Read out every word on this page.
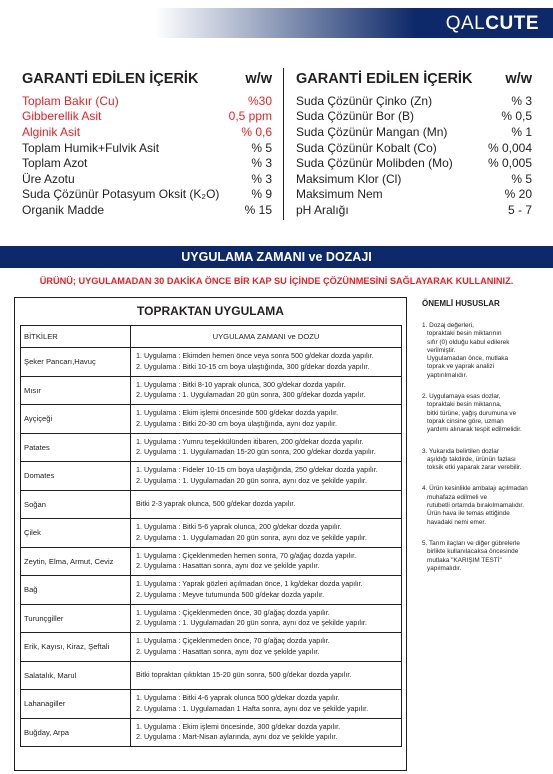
QALCUTE
GARANTİ EDİLEN İÇERİK	w/w
Toplam Bakır (Cu)	%30
Gibberellik Asit	0,5 ppm
Alginik Asit	% 0,6
Toplam Humik+Fulvik Asit	% 5
Toplam Azot	% 3
Üre Azotu	% 3
Suda Çözünür Potasyum Oksit (K₂O)	% 9
Organik Madde	% 15
GARANTİ EDİLEN İÇERİK w/w
Suda Çözünür Çinko (Zn)	% 3
Suda Çözünür Bor (B)	% 0,5
Suda Çözünür Mangan (Mn)	% 1
Suda Çözünür Kobalt (Co)	% 0,004
Suda Çözünür Molibden (Mo)	% 0,005
Maksimum Klor (Cl)	% 5
Maksimum Nem	% 20
pH Aralığı	5 - 7
UYGULAMA ZAMANI ve DOZAJI
ÜRÜNÜ; UYGULAMADAN 30 DAKİKA ÖNCE BİR KAP SU İÇİNDE ÇÖZÜNMESİNİ SAĞLAYARAK KULLANINIZ.
TOPRAKTAN UYGULAMA
BİTKİLER	UYGULAMA ZAMANI ve DOZU
Şeker Pancarı,Havuç	1. Uygulama : Ekimden hemen önce veya sonra 500 g/dekar dozda yapılır.
2. Uygulama : Bitki 10-15 cm boya ulaştığında, 300 g/dekar dozda yapılır.

Mısır	1. Uygulama : Bitki 8-10 yaprak olunca, 300 g/dekar dozda yapılır.
2. Uygulama : 1. Uygulamadan 20 gün sonra, 300 g/dekar dozda yapılır.

Ayçiçeği	1. Uygulama : Ekim işlemi öncesinde 500 g/dekar dozda yapılır.
2. Uygulama : Bitki 20-30 cm boya ulaştığında, aynı doz yapılır.

Patates	1. Uygulama : Yumru teşekkülünden itibaren, 200 g/dekar dozda yapılır.
2. Uygulama : 1. Uygulamadan 15-20 gün sonra, 200 g/dekar dozda yapılır.

Domates	1. Uygulama : Fideler 10-15 cm boya ulaştığında, 250 g/dekar dozda yapılır.
2. Uygulama : 1. Uygulamadan 20 gün sonra, aynı doz ve şekilde yapılır.

Soğan	Bitki 2-3 yaprak olunca, 500 g/dekar dozda yapılır.

Çilek	1. Uygulama : Bitki 5-6 yaprak olunca, 200 g/dekar dozda yapılır.
2. Uygulama : 1. Uygulamadan 20 gün sonra, aynı doz ve şekilde yapılır.

Zeytin, Elma, Armut, Ceviz	1. Uygulama : Çiçeklenmeden hemen sonra, 70 g/ağaç dozda yapılır.
2. Uygulama : Hasattan sonra, aynı doz ve şekilde yapılır.

Bağ	1. Uygulama : Yaprak gözleri açılmadan önce, 1 kg/dekar dozda yapılır.
2. Uygulama : Meyve tutumunda 500 g/dekar dozda yapılır.

Turunçgiller	1. Uygulama : Çiçeklenmeden önce, 30 g/ağaç dozda yapılır.
2. Uygulama : 1. Uygulamadan 20 gün sonra, aynı doz ve şekilde yapılır.

Erik, Kayısı, Kiraz, Şeftali	1. Uygulama : Çiçeklenmeden önce, 70 g/ağaç dozda yapılır.
2. Uygulama : Hasattan sonra, aynı doz ve şekilde yapılır.

Salatalık, Marul	Bitki topraktan çıktıktan 15-20 gün sonra, 500 g/dekar dozda yapılır.

Lahanagiller	1. Uygulama : Bitki 4-6 yaprak olunca 500 g/dekar dozda yapılır.
2. Uygulama : 1. Uygulamadan 1 Hafta sonra, aynı doz ve şekilde yapılır.

Buğday, Arpa	1. Uygulama : Ekim işlemi öncesinde, 300 g/dekar dozda yapılır.
2. Uygulama : Mart-Nisan aylarında, aynı doz ve şekilde yapılır.
ÖNEMLİ HUSUSLAR
1. Dozaj değerleri,
topraktaki besin miktarının
sıfır (0) olduğu kabul edilerek
verilmiştir.
Uygulamadan önce, mutlaka
toprak ve yaprak analizi
yaptırılmalıdır.
2. Uygulamaya esas dozlar,
topraktaki besin miktarına,
bitki türüne, yağış durumuna ve
toprak cinsine göre, uzman
yardımı alınarak tespit edilmelidir.
3. Yukarıda belirtilen dozlar
aşıldığı takdirde, ürünün fazlası
toksik etki yaparak zarar verebilir.
4. Ürün kesinlikle ambalajı açılmadan
muhafaza edilmeli ve
rutubetli ortamda bırakılmamalıdır.
Ürün hava ile temas ettiğinde
havadaki nemi emer.
5. Tarım ilaçları ve diğer gübrelerle
birlikte kullanılacaksa öncesinde
mutlaka "KARIŞIM TESTİ"
yapılmalıdır.
